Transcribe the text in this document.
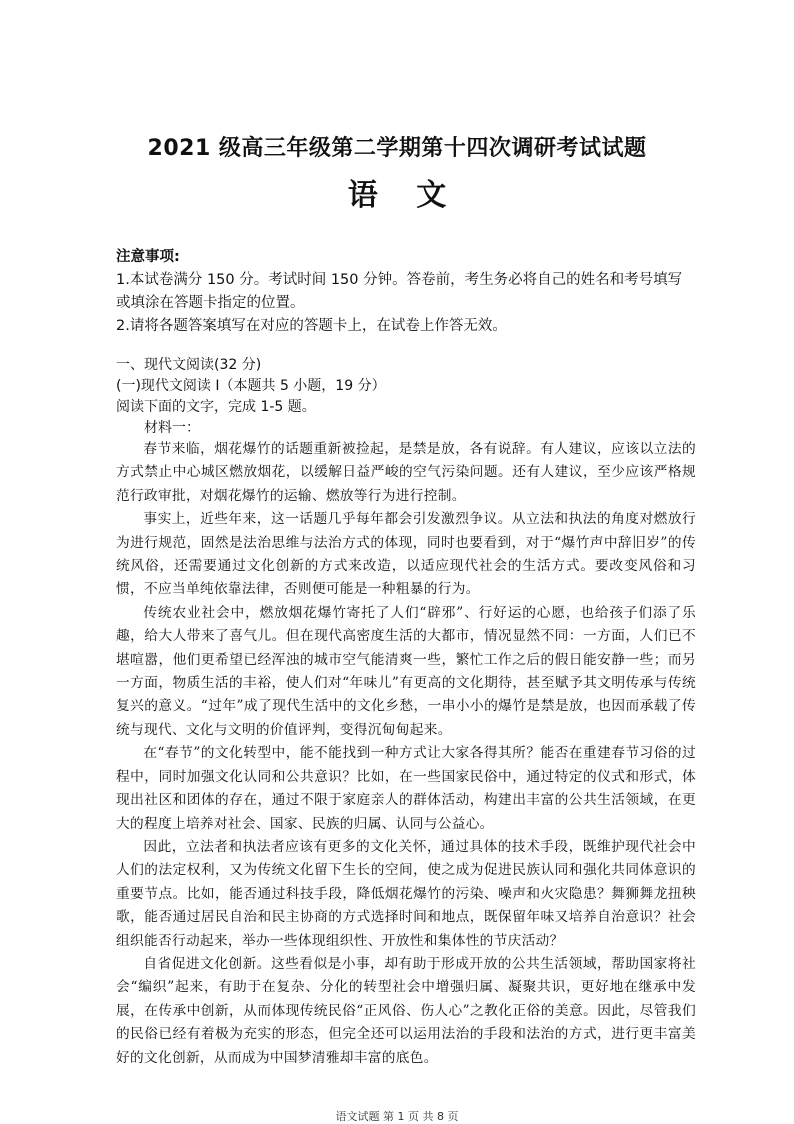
2021 级高三年级第二学期第十四次调研考试试题
语 文
注意事项:

1.本试卷满分 150 分。考试时间 150 分钟。答卷前，考生务必将自己的姓名和考号填写或填涂在答题卡指定的位置。

2.请将各题答案填写在对应的答题卡上，在试卷上作答无效。

一、现代文阅读(32 分)

(一)现代文阅读 I（本题共 5 小题，19 分）

阅读下面的文字，完成 1-5 题。

材料一：

春节来临，烟花爆竹的话题重新被捡起，是禁是放，各有说辞。有人建议，应该以立法的方式禁止中心城区燃放烟花，以缓解日益严峻的空气污染问题。还有人建议，至少应该严格规范行政审批，对烟花爆竹的运输、燃放等行为进行控制。

事实上，近些年来，这一话题几乎每年都会引发激烈争议。从立法和执法的角度对燃放行为进行规范，固然是法治思维与法治方式的体现，同时也要看到，对于“爆竹声中辞旧岁”的传统风俗，还需要通过文化创新的方式来改造，以适应现代社会的生活方式。要改变风俗和习惯，不应当单纯依靠法律，否则便可能是一种粗暴的行为。

传统农业社会中，燃放烟花爆竹寄托了人们“辟邪”、行好运的心愿，也给孩子们添了乐趣，给大人带来了喜气儿。但在现代高密度生活的大都市，情况显然不同：一方面，人们已不堪喧嚣，他们更希望已经浑浊的城市空气能清爽一些，繁忙工作之后的假日能安静一些；而另一方面，物质生活的丰裕，使人们对“年味儿”有更高的文化期待，甚至赋予其文明传承与传统复兴的意义。“过年”成了现代生活中的文化乡愁，一串小小的爆竹是禁是放，也因而承载了传统与现代、文化与文明的价值评判，变得沉甸甸起来。

在“春节”的文化转型中，能不能找到一种方式让大家各得其所？能否在重建春节习俗的过程中，同时加强文化认同和公共意识？比如，在一些国家民俗中，通过特定的仪式和形式，体现出社区和团体的存在，通过不限于家庭亲人的群体活动，构建出丰富的公共生活领域，在更大的程度上培养对社会、国家、民族的归属、认同与公益心。

因此，立法者和执法者应该有更多的文化关怀，通过具体的技术手段，既维护现代社会中人们的法定权利，又为传统文化留下生长的空间，使之成为促进民族认同和强化共同体意识的重要节点。比如，能否通过科技手段，降低烟花爆竹的污染、噪声和火灾隐患？舞狮舞龙扭秧歌，能否通过居民自治和民主协商的方式选择时间和地点，既保留年味又培养自治意识？社会组织能否行动起来，举办一些体现组织性、开放性和集体性的节庆活动？

自省促进文化创新。这些看似是小事，却有助于形成开放的公共生活领域，帮助国家将社会“编织”起来，有助于在复杂、分化的转型社会中增强归属、凝聚共识，更好地在继承中发展，在传承中创新，从而体现传统民俗“正风俗、伤人心”之教化正俗的美意。因此，尽管我们的民俗已经有着极为充实的形态，但完全还可以运用法治的手段和法治的方式，进行更丰富美好的文化创新，从而成为中国梦清雅却丰富的底色。

语文试题 第 1 页 共 8 页
